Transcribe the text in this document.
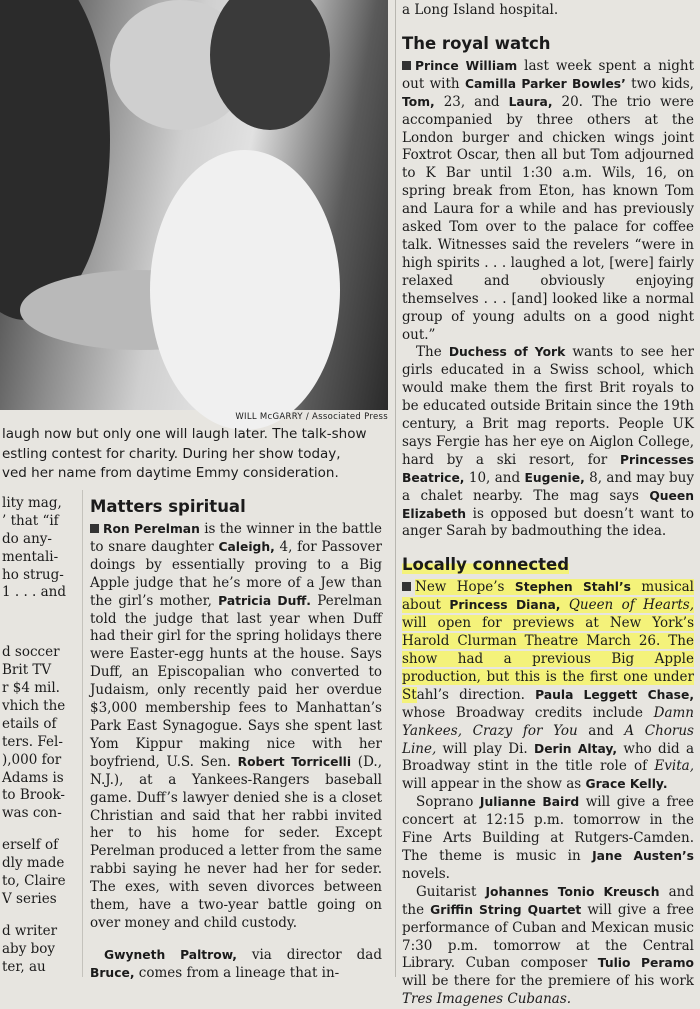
WILL McGARRY / Associated Press
laugh now but only one will laugh later. The talk-show
estling contest for charity. During her show today,
ved her name from daytime Emmy consideration.
lity mag,
’ that “if
do any-
mentali-
ho strug-
1 . . . and
d soccer
Brit TV
r $4 mil.
vhich the
etails of
ters. Fel-
),000 for
Adams is
to Brook-
was con-
erself of
dly made
to, Claire
V series
d writer
aby boy
ter, au
Matters spiritual

Ron Perelman is the winner in the battle to snare daughter Caleigh, 4, for Passover doings by essentially proving to a Big Apple judge that he’s more of a Jew than the girl’s mother, Patricia Duff. Perelman told the judge that last year when Duff had their girl for the spring holidays there were Easter-egg hunts at the house. Says Duff, an Episcopalian who converted to Judaism, only recently paid her overdue $3,000 membership fees to Manhattan’s Park East Synagogue. Says she spent last Yom Kippur making nice with her boyfriend, U.S. Sen. Robert Torricelli (D., N.J.), at a Yankees-Rangers baseball game. Duff’s lawyer denied she is a closet Christian and said that her rabbi invited her to his home for seder. Except Perelman produced a letter from the same rabbi saying he never had her for seder. The exes, with seven divorces between them, have a two-year battle going on over money and child custody.

Gwyneth Paltrow, via director dad Bruce, comes from a lineage that in-

a Long Island hospital.

The royal watch

Prince William last week spent a night out with Camilla Parker Bowles’ two kids, Tom, 23, and Laura, 20. The trio were accompanied by three others at the London burger and chicken wings joint Foxtrot Oscar, then all but Tom adjourned to K Bar until 1:30 a.m. Wils, 16, on spring break from Eton, has known Tom and Laura for a while and has previously asked Tom over to the palace for coffee talk. Witnesses said the revelers “were in high spirits . . . laughed a lot, [were] fairly relaxed and obviously enjoying themselves . . . [and] looked like a normal group of young adults on a good night out.”

The Duchess of York wants to see her girls educated in a Swiss school, which would make them the first Brit royals to be educated outside Britain since the 19th century, a Brit mag reports. People UK says Fergie has her eye on Aiglon College, hard by a ski resort, for Princesses Beatrice, 10, and Eugenie, 8, and may buy a chalet nearby. The mag says Queen Elizabeth is opposed but doesn’t want to anger Sarah by badmouthing the idea.

Locally connected

New Hope’s Stephen Stahl’s musical about Princess Diana, Queen of Hearts, will open for previews at New York’s Harold Clurman Theatre March 26. The show had a previous Big Apple production, but this is the first one under Stahl’s direction. Paula Leggett Chase, whose Broadway credits include Damn Yankees, Crazy for You and A Chorus Line, will play Di. Derin Altay, who did a Broadway stint in the title role of Evita, will appear in the show as Grace Kelly.

Soprano Julianne Baird will give a free concert at 12:15 p.m. tomorrow in the Fine Arts Building at Rutgers-Camden. The theme is music in Jane Austen’s novels.

Guitarist Johannes Tonio Kreusch and the Griffin String Quartet will give a free performance of Cuban and Mexican music 7:30 p.m. tomorrow at the Central Library. Cuban composer Tulio Peramo will be there for the premiere of his work Tres Imagenes Cubanas.
